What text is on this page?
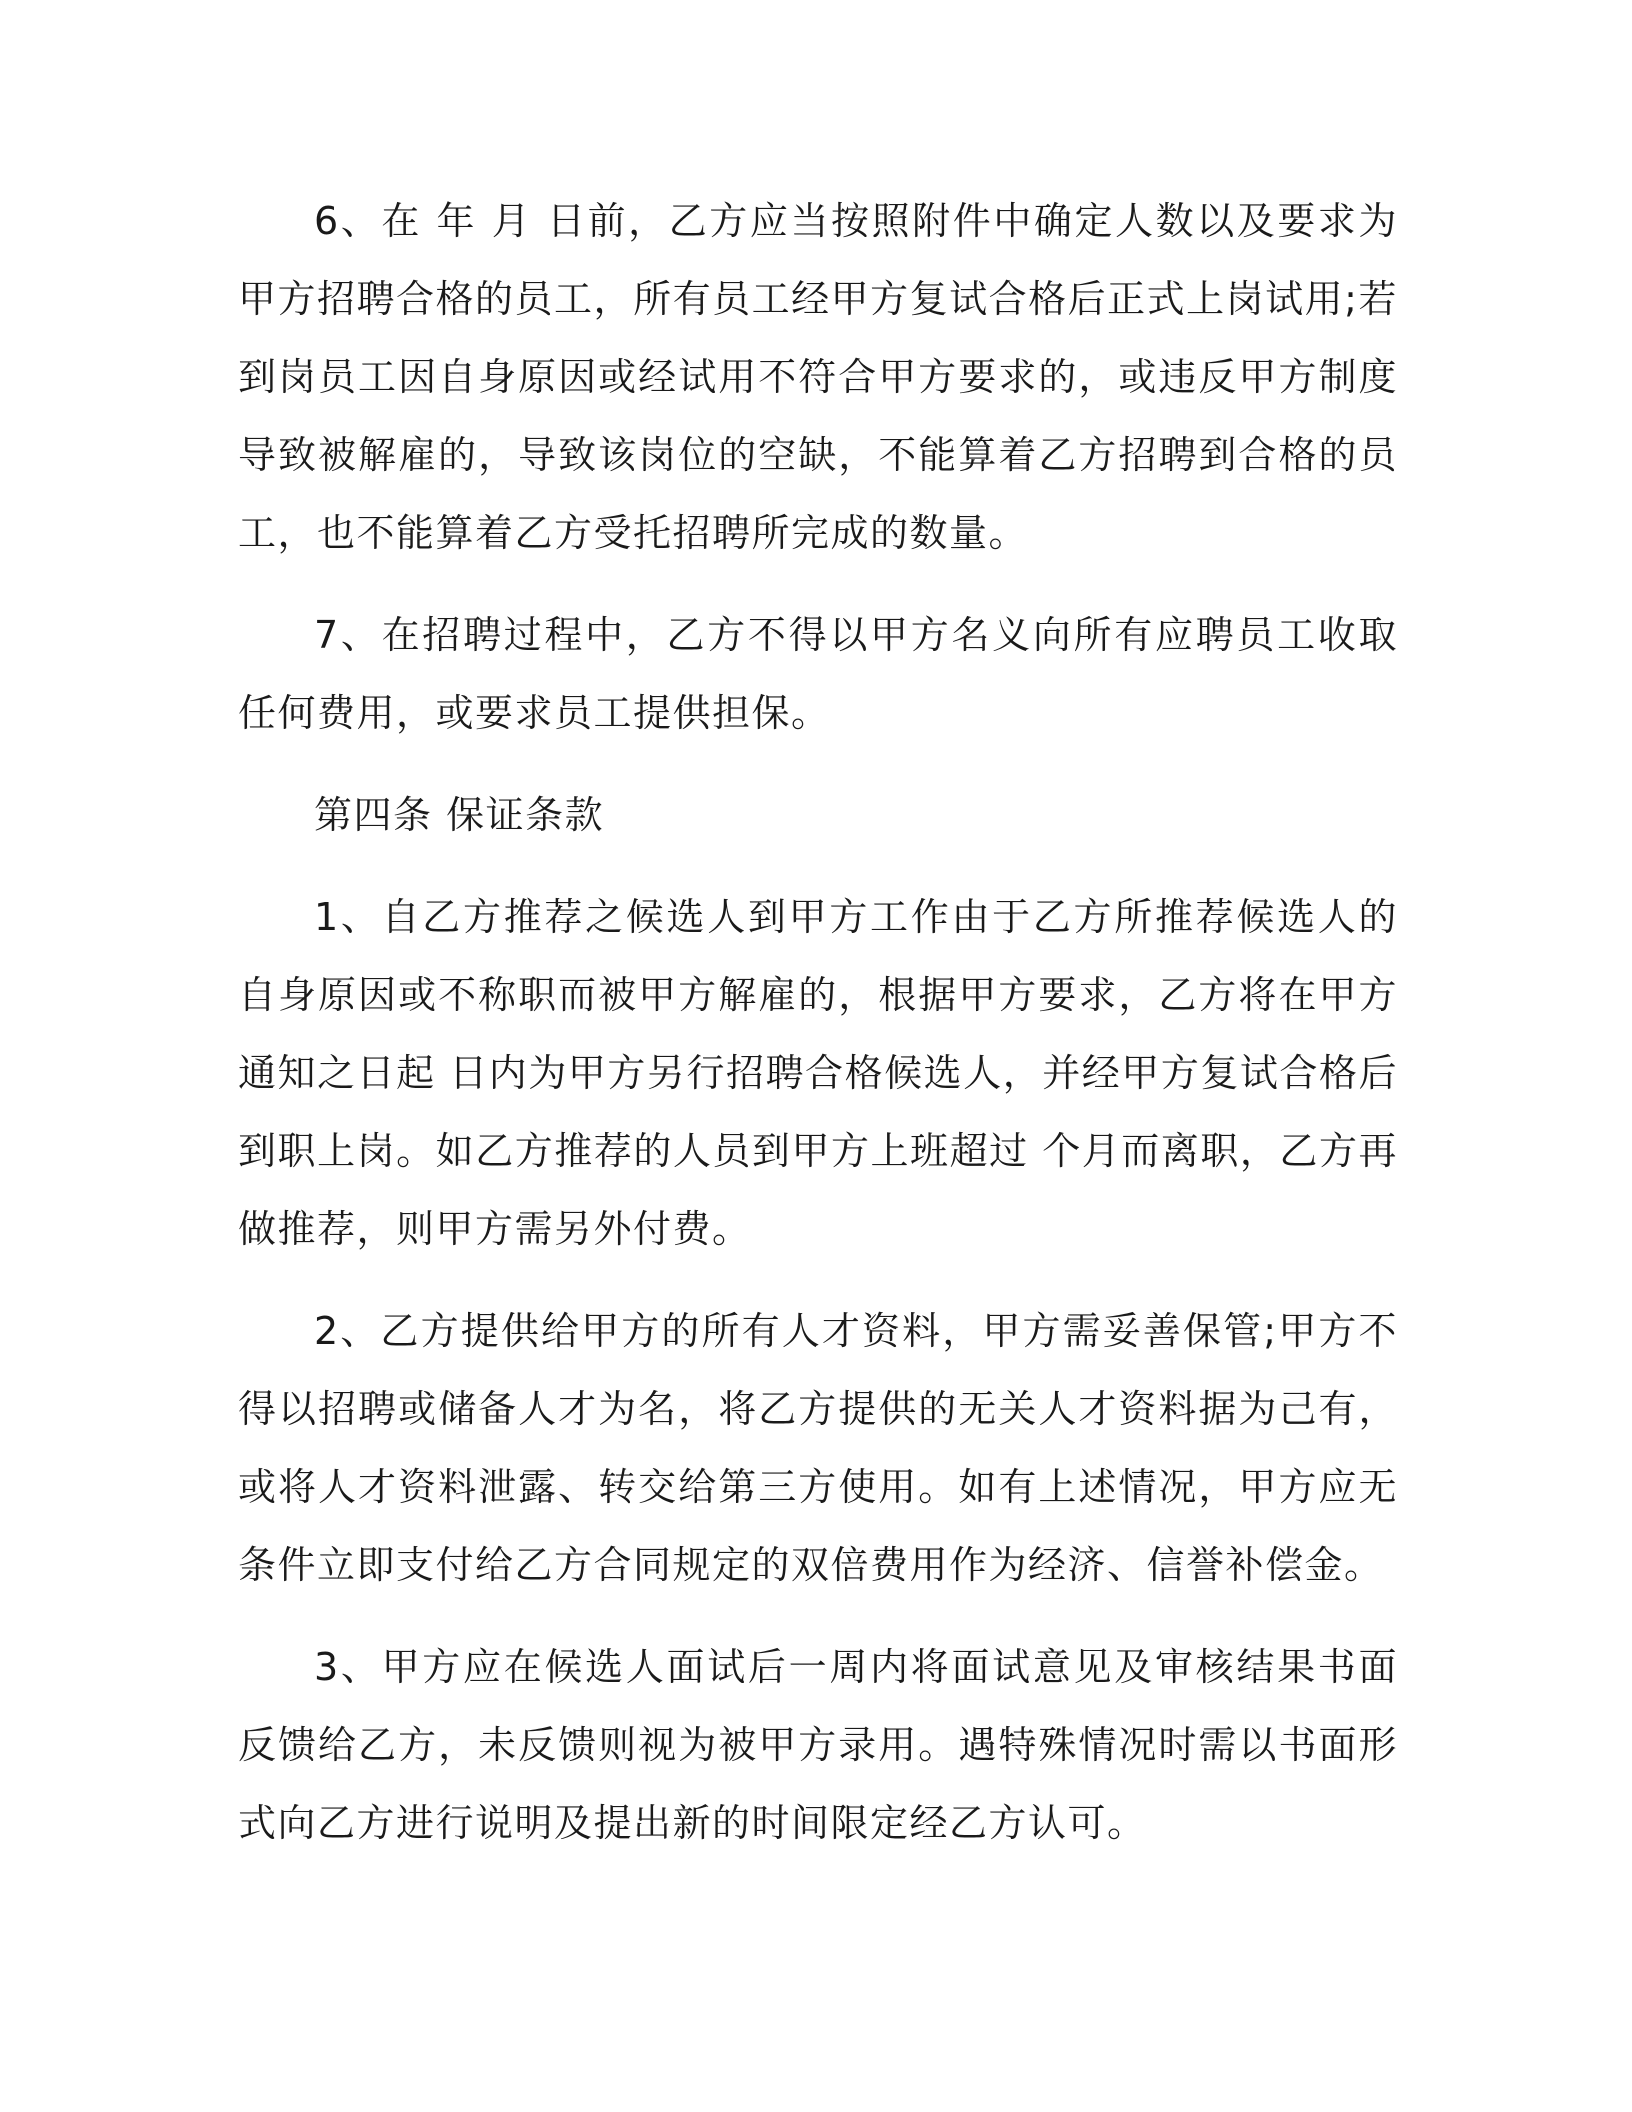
6、在 年 月 日前，乙方应当按照附件中确定人数以及要求为甲方招聘合格的员工，所有员工经甲方复试合格后正式上岗试用;若到岗员工因自身原因或经试用不符合甲方要求的，或违反甲方制度导致被解雇的，导致该岗位的空缺，不能算着乙方招聘到合格的员工，也不能算着乙方受托招聘所完成的数量。

7、在招聘过程中，乙方不得以甲方名义向所有应聘员工收取任何费用，或要求员工提供担保。

第四条 保证条款

1、自乙方推荐之候选人到甲方工作由于乙方所推荐候选人的自身原因或不称职而被甲方解雇的，根据甲方要求，乙方将在甲方通知之日起 日内为甲方另行招聘合格候选人，并经甲方复试合格后到职上岗。如乙方推荐的人员到甲方上班超过 个月而离职，乙方再做推荐，则甲方需另外付费。

2、乙方提供给甲方的所有人才资料，甲方需妥善保管;甲方不得以招聘或储备人才为名，将乙方提供的无关人才资料据为己有，或将人才资料泄露、转交给第三方使用。如有上述情况，甲方应无条件立即支付给乙方合同规定的双倍费用作为经济、信誉补偿金。

3、甲方应在候选人面试后一周内将面试意见及审核结果书面反馈给乙方，未反馈则视为被甲方录用。遇特殊情况时需以书面形式向乙方进行说明及提出新的时间限定经乙方认可。
